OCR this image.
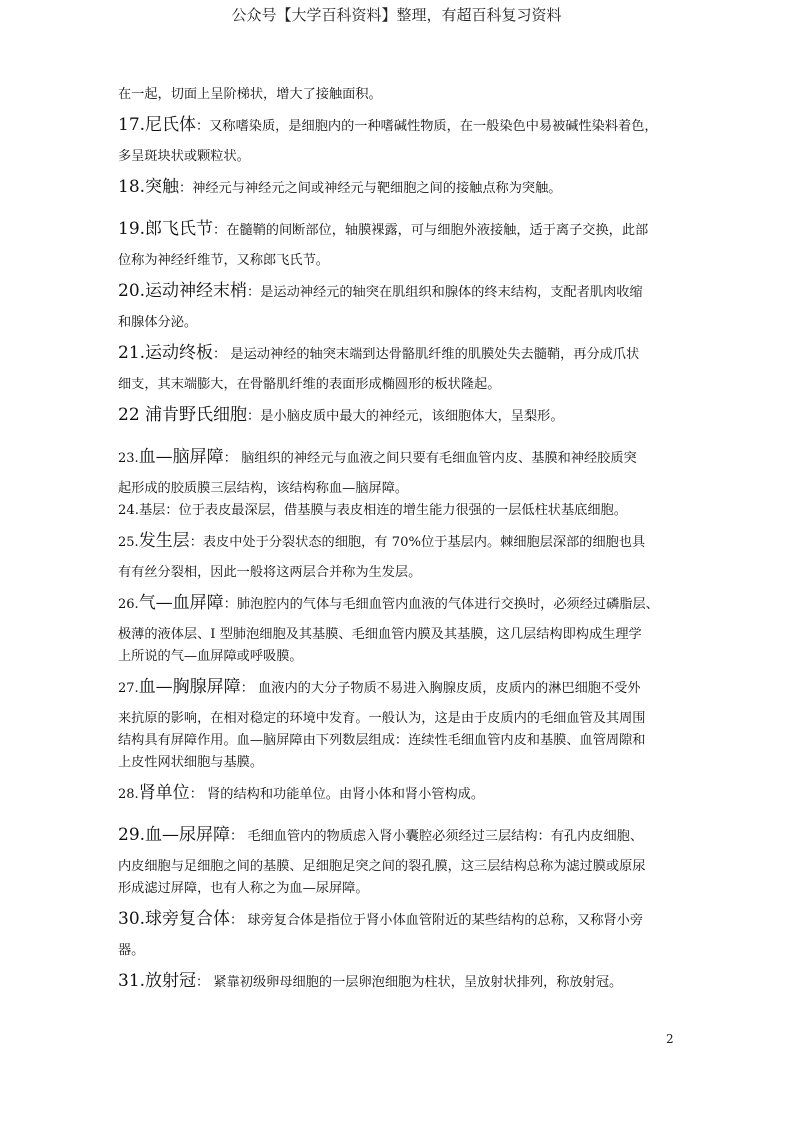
公众号【大学百科资料】整理，有超百科复习资料
在一起，切面上呈阶梯状，增大了接触面积。
17.尼氏体：又称嗜染质，是细胞内的一种嗜碱性物质，在一般染色中易被碱性染料着色，
多呈斑块状或颗粒状。
18.突触：神经元与神经元之间或神经元与靶细胞之间的接触点称为突触。
19.郎飞氏节：在髓鞘的间断部位，轴膜裸露，可与细胞外液接触，适于离子交换，此部
位称为神经纤维节，又称郎飞氏节。
20.运动神经末梢：是运动神经元的轴突在肌组织和腺体的终末结构，支配者肌肉收缩
和腺体分泌。
21.运动终板： 是运动神经的轴突末端到达骨骼肌纤维的肌膜处失去髓鞘，再分成爪状
细支，其末端膨大，在骨骼肌纤维的表面形成椭圆形的板状隆起。
22 浦肯野氏细胞：是小脑皮质中最大的神经元，该细胞体大，呈梨形。
23.血—脑屏障： 脑组织的神经元与血液之间只要有毛细血管内皮、基膜和神经胶质突
起形成的胶质膜三层结构，该结构称血—脑屏障。
24.基层：位于表皮最深层，借基膜与表皮相连的增生能力很强的一层低柱状基底细胞。
25.发生层：表皮中处于分裂状态的细胞，有 70%位于基层内。棘细胞层深部的细胞也具
有有丝分裂相，因此一般将这两层合并称为生发层。
26.气—血屏障：肺泡腔内的气体与毛细血管内血液的气体进行交换时，必须经过磷脂层、
极薄的液体层、I 型肺泡细胞及其基膜、毛细血管内膜及其基膜，这几层结构即构成生理学
上所说的气—血屏障或呼吸膜。
27.血—胸腺屏障： 血液内的大分子物质不易进入胸腺皮质，皮质内的淋巴细胞不受外
来抗原的影响，在相对稳定的环境中发育。一般认为，这是由于皮质内的毛细血管及其周围
结构具有屏障作用。血—脑屏障由下列数层组成：连续性毛细血管内皮和基膜、血管周隙和
上皮性网状细胞与基膜。
28.肾单位： 肾的结构和功能单位。由肾小体和肾小管构成。
29.血—尿屏障： 毛细血管内的物质虑入肾小囊腔必须经过三层结构：有孔内皮细胞、
内皮细胞与足细胞之间的基膜、足细胞足突之间的裂孔膜，这三层结构总称为滤过膜或原尿
形成滤过屏障，也有人称之为血—尿屏障。
30.球旁复合体： 球旁复合体是指位于肾小体血管附近的某些结构的总称，又称肾小旁
器。
31.放射冠： 紧靠初级卵母细胞的一层卵泡细胞为柱状，呈放射状排列，称放射冠。
2
